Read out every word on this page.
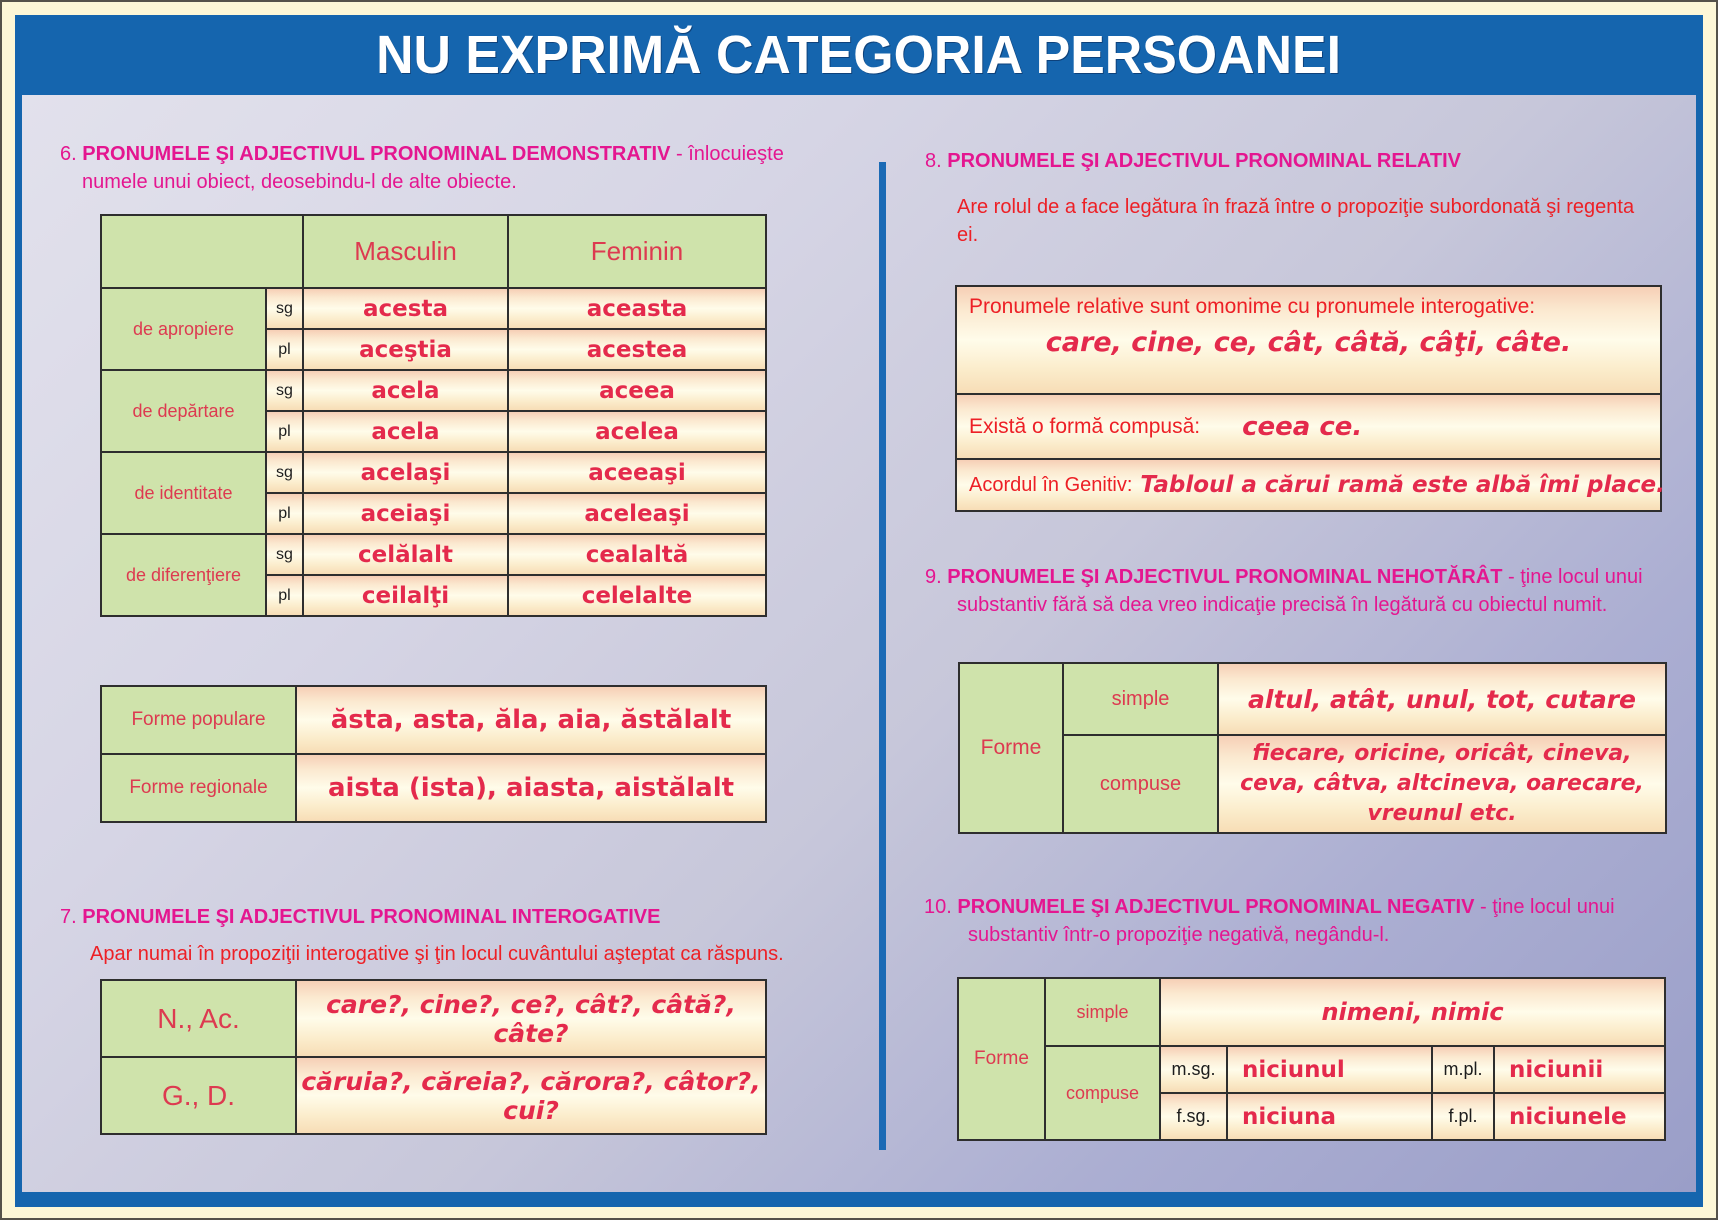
NU EXPRIMĂ CATEGORIA PERSOANEI
6. PRONUMELE ŞI ADJECTIVUL PRONOMINAL DEMONSTRATIV - înlocuieşte numele unui obiect, deosebindu-l de alte obiecte.
		Masculin	Feminin
de apropiere	sg	acesta	aceasta
	pl	aceştia	acestea
de depărtare	sg	acela	aceea
	pl	acela	acelea
de identitate	sg	acelaşi	aceeaşi
	pl	aceiaşi	aceleaşi
de diferenţiere	sg	celălalt	cealaltă
	pl	ceilalţi	celelalte
Forme populare	ăsta, asta, ăla, aia, ăstălalt
Forme regionale	aista (ista), aiasta, aistălalt
7. PRONUMELE ŞI ADJECTIVUL PRONOMINAL INTEROGATIVE
Apar numai în propoziţii interogative şi ţin locul cuvântului aşteptat ca răspuns.
N., Ac.	care?, cine?, ce?, cât?, câtă?, câte?
G., D.	căruia?, căreia?, cărora?, câtor?, cui?
8. PRONUMELE ŞI ADJECTIVUL PRONOMINAL RELATIV
Are rolul de a face legătura în frază între o propoziţie subordonată şi regenta ei.
Pronumele relative sunt omonime cu pronumele interogative:
care, cine, ce, cât, câtă, câţi, câte.
Există o formă compusă: ceea ce.
Acordul în Genitiv: Tabloul a cărui ramă este albă îmi place.
9. PRONUMELE ŞI ADJECTIVUL PRONOMINAL NEHOTĂRÂT - ţine locul unui substantiv fără să dea vreo indicaţie precisă în legătură cu obiectul numit.
Forme	simple	altul, atât, unul, tot, cutare
	compuse	fiecare, oricine, oricât, cineva, ceva, câtva, altcineva, oarecare, vreunul etc.
10. PRONUMELE ŞI ADJECTIVUL PRONOMINAL NEGATIV - ţine locul unui substantiv într-o propoziţie negativă, negându-l.
Forme	simple	nimeni, nimic			
	compuse	m.sg.	niciunul	m.pl.	niciunii
		f.sg.	niciuna	f.pl.	niciunele
